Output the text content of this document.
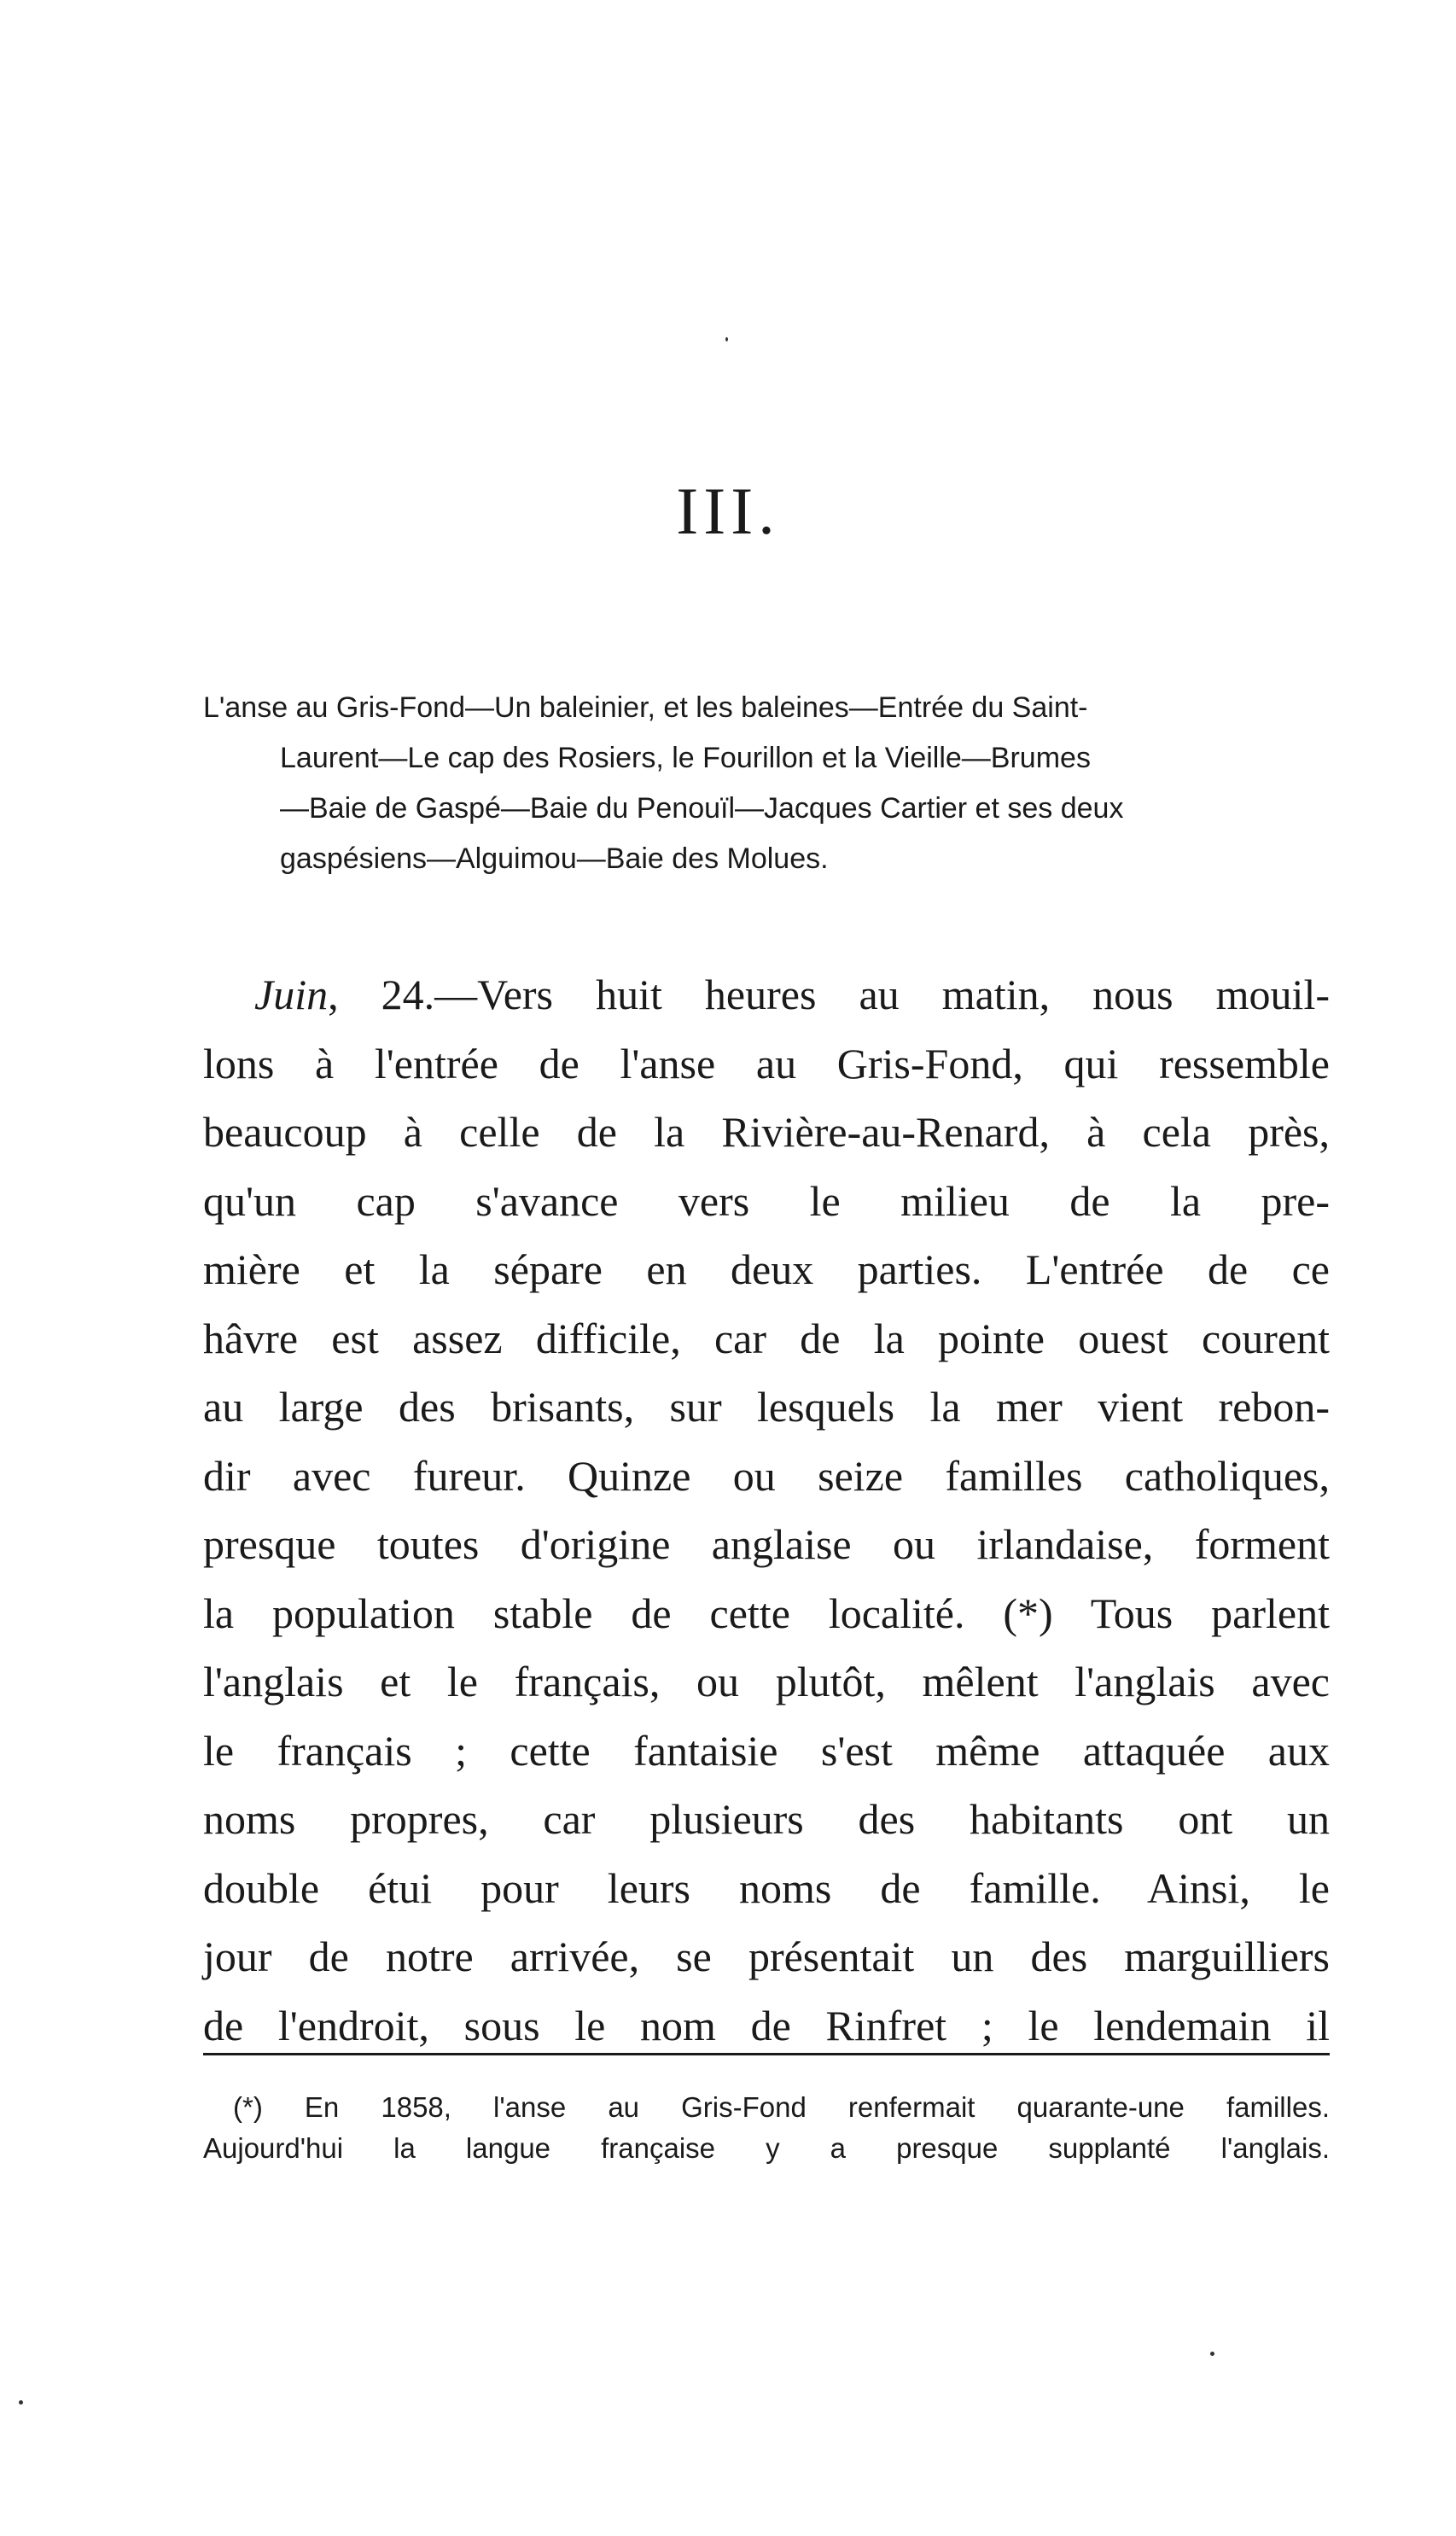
III.
L'anse au Gris-Fond—Un baleinier, et les baleines—Entrée du Saint-
Laurent—Le cap des Rosiers, le Fourillon et la Vieille—Brumes
—Baie de Gaspé—Baie du Penouïl—Jacques Cartier et ses deux
gaspésiens—Alguimou—Baie des Molues.
Juin, 24.—Vers huit heures au matin, nous mouil-
lons à l'entrée de l'anse au Gris-Fond, qui ressemble
beaucoup à celle de la Rivière-au-Renard, à cela près,
qu'un cap s'avance vers le milieu de la pre-
mière et la sépare en deux parties. L'entrée de ce
hâvre est assez difficile, car de la pointe ouest courent
au large des brisants, sur lesquels la mer vient rebon-
dir avec fureur. Quinze ou seize familles catholiques,
presque toutes d'origine anglaise ou irlandaise, forment
la population stable de cette localité. (*) Tous parlent
l'anglais et le français, ou plutôt, mêlent l'anglais avec
le français ; cette fantaisie s'est même attaquée aux
noms propres, car plusieurs des habitants ont un
double étui pour leurs noms de famille. Ainsi, le
jour de notre arrivée, se présentait un des marguilliers
de l'endroit, sous le nom de Rinfret ; le lendemain il
(*) En 1858, l'anse au Gris-Fond renfermait quarante-une familles.
Aujourd'hui la langue française y a presque supplanté l'anglais.
